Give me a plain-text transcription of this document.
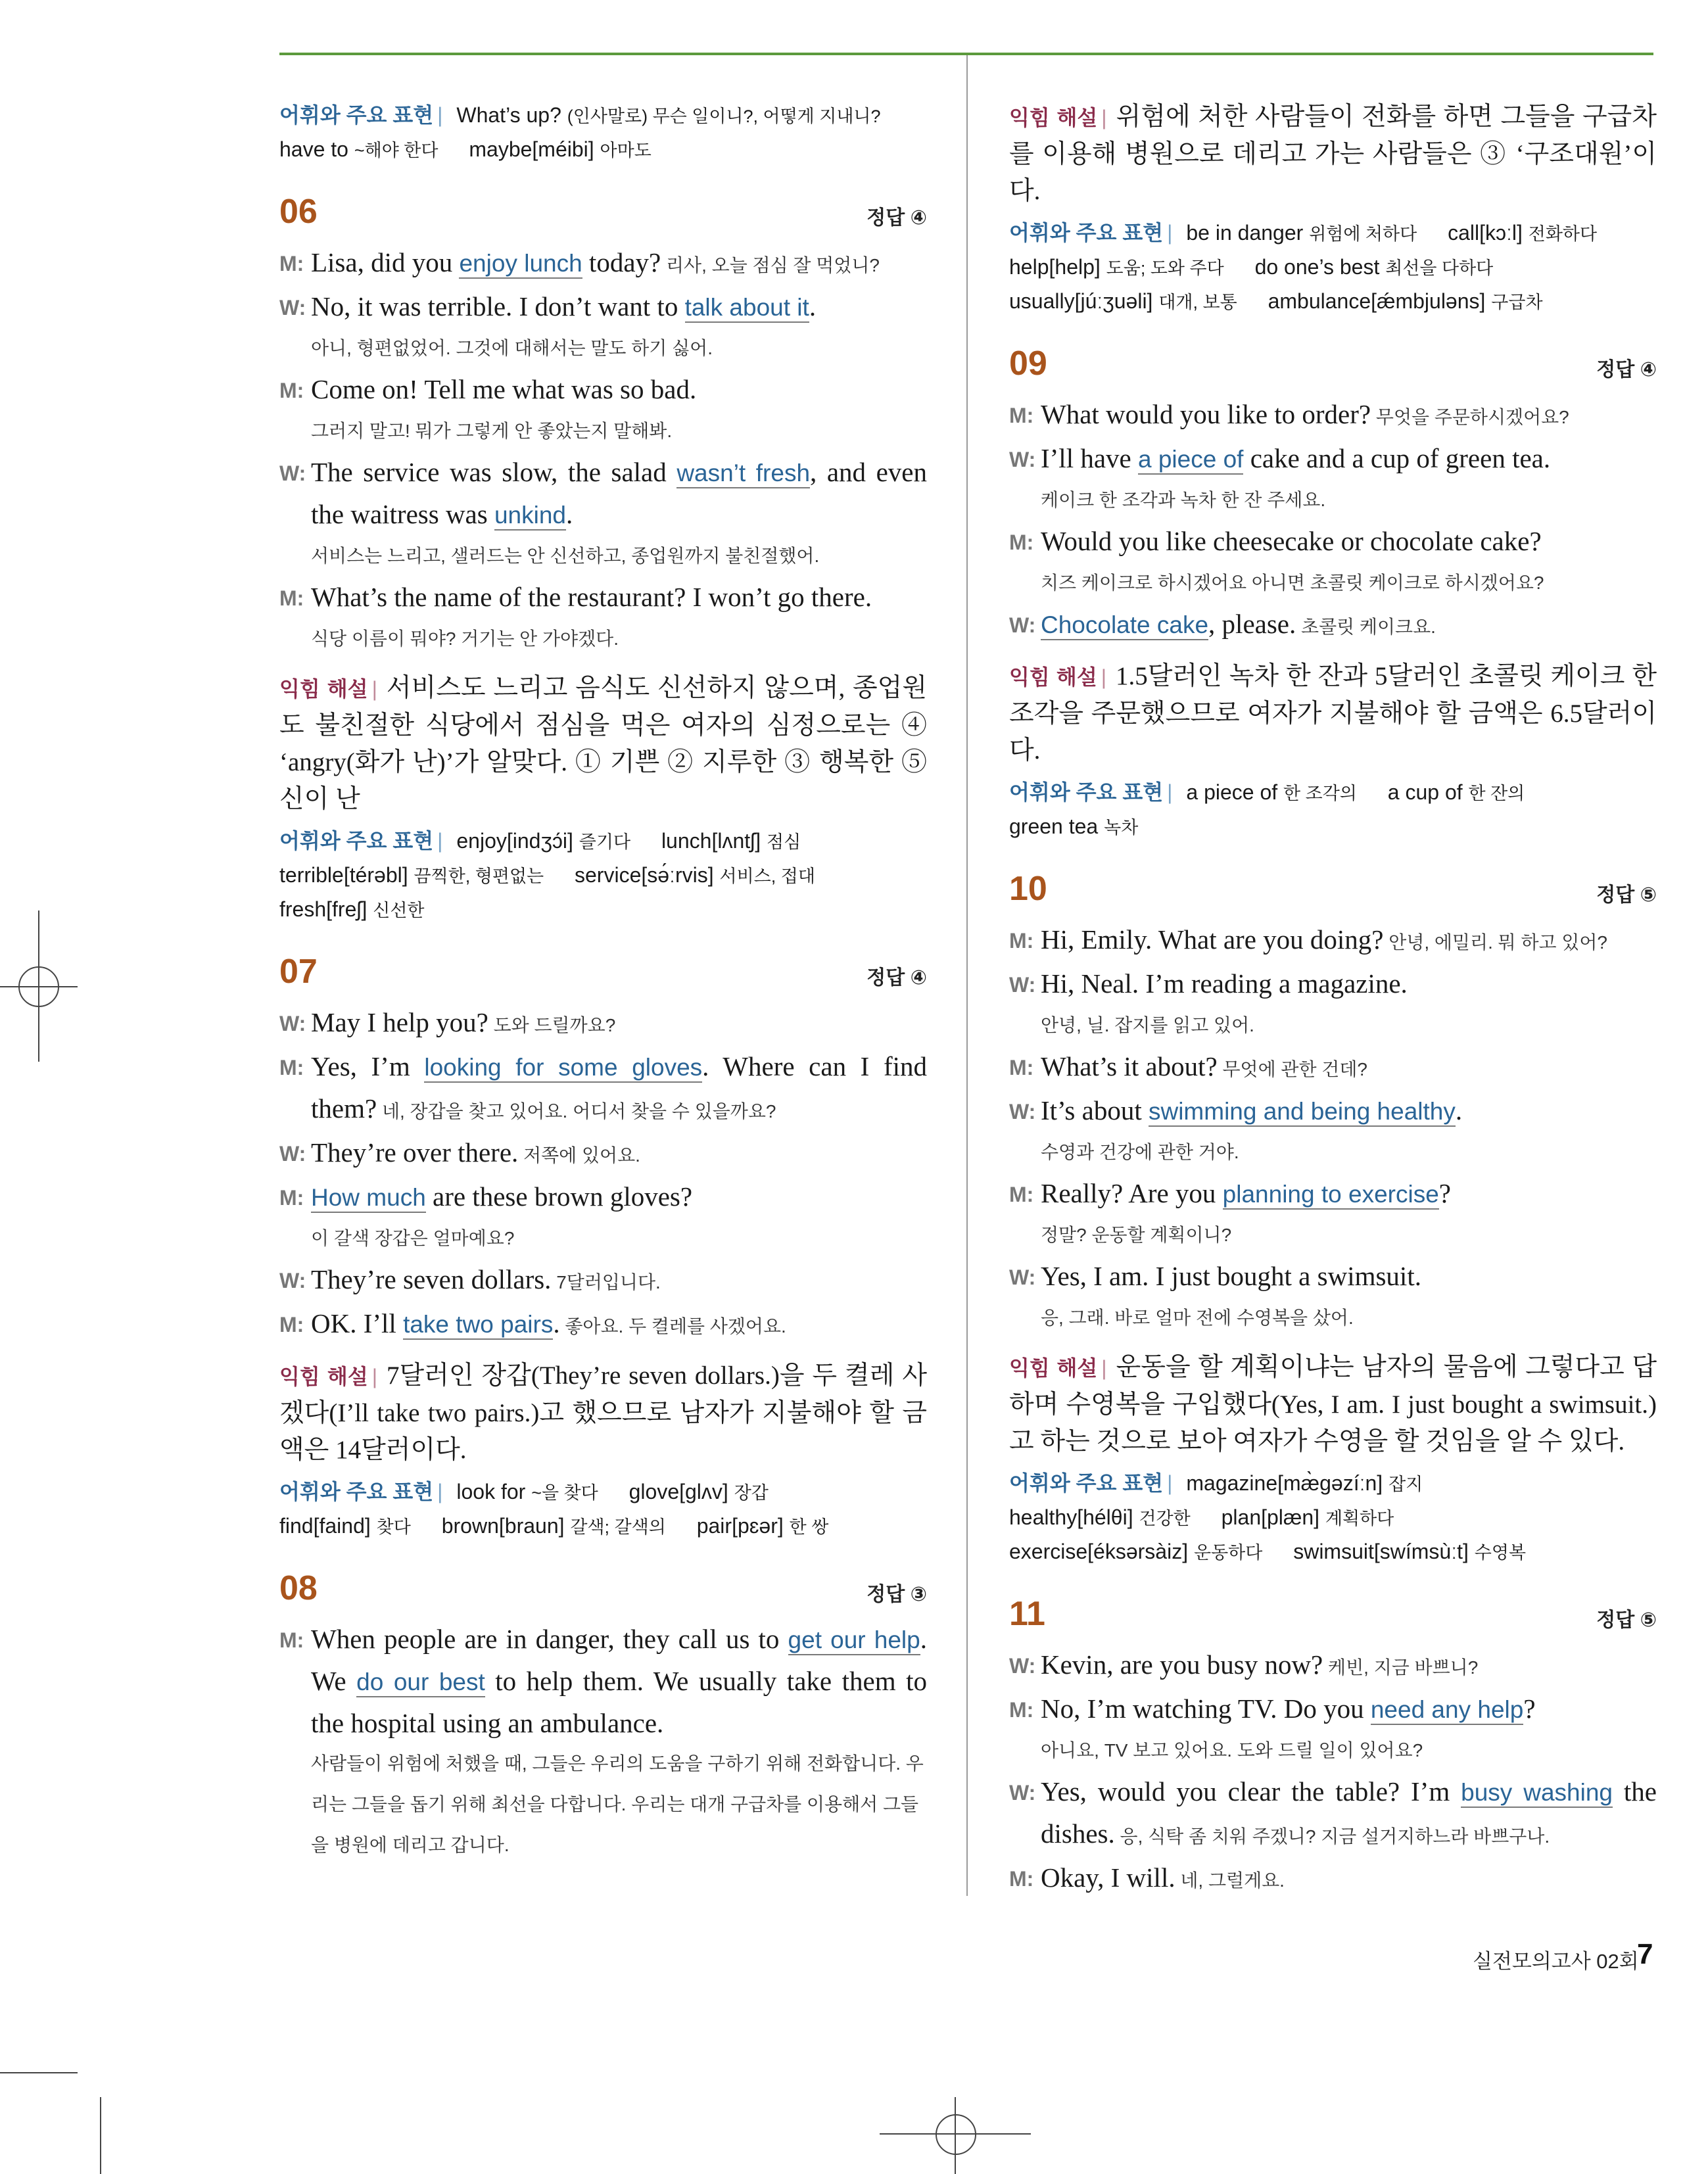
어휘와 주요 표현 | What’s up? (인사말로) 무슨 일이니?, 어떻게 지내니?
have to ~해야 한다 maybe[méibi] 아마도
06	정답 ④
M: Lisa, did you enjoy lunch today? 리사, 오늘 점심 잘 먹었니?
W: No, it was terrible. I don’t want to talk about it.
아니, 형편없었어. 그것에 대해서는 말도 하기 싫어.
M: Come on! Tell me what was so bad.
그러지 말고! 뭐가 그렇게 안 좋았는지 말해봐.
W: The service was slow, the salad wasn’t fresh, and even the waitress was unkind.
서비스는 느리고, 샐러드는 안 신선하고, 종업원까지 불친절했어.
M: What’s the name of the restaurant? I won’t go there.
식당 이름이 뭐야? 거기는 안 가야겠다.
익힘 해설 | 서비스도 느리고 음식도 신선하지 않으며, 종업원도 불친절한 식당에서 점심을 먹은 여자의 심정으로는 ④ ‘angry(화가 난)’가 알맞다. ① 기쁜 ② 지루한 ③ 행복한 ⑤ 신이 난
어휘와 주요 표현 | enjoy[indʒɔ́i] 즐기다 lunch[lʌntʃ] 점심
terrible[térəbl] 끔찍한, 형편없는 service[sə́ːrvis] 서비스, 접대
fresh[freʃ] 신선한
07	정답 ④
W: May I help you? 도와 드릴까요?
M: Yes, I’m looking for some gloves. Where can I find them? 네, 장갑을 찾고 있어요. 어디서 찾을 수 있을까요?
W: They’re over there. 저쪽에 있어요.
M: How much are these brown gloves?
이 갈색 장갑은 얼마예요?
W: They’re seven dollars. 7달러입니다.
M: OK. I’ll take two pairs. 좋아요. 두 켤레를 사겠어요.
익힘 해설 | 7달러인 장갑(They’re seven dollars.)을 두 켤레 사겠다(I’ll take two pairs.)고 했으므로 남자가 지불해야 할 금액은 14달러이다.
어휘와 주요 표현 | look for ~을 찾다 glove[glʌv] 장갑
find[faind] 찾다 brown[braun] 갈색; 갈색의 pair[pɛər] 한 쌍
08	정답 ③
M: When people are in danger, they call us to get our help. We do our best to help them. We usually take them to the hospital using an ambulance.
사람들이 위험에 처했을 때, 그들은 우리의 도움을 구하기 위해 전화합니다. 우리는 그들을 돕기 위해 최선을 다합니다. 우리는 대개 구급차를 이용해서 그들을 병원에 데리고 갑니다.
익힘 해설 | 위험에 처한 사람들이 전화를 하면 그들을 구급차를 이용해 병원으로 데리고 가는 사람들은 ③ ‘구조대원’이다.
어휘와 주요 표현 | be in danger 위험에 처하다 call[kɔːl] 전화하다
help[help] 도움; 도와 주다 do one’s best 최선을 다하다
usually[júːʒuəli] 대개, 보통 ambulance[ǽmbjuləns] 구급차
09	정답 ④
M: What would you like to order? 무엇을 주문하시겠어요?
W: I’ll have a piece of cake and a cup of green tea.
케이크 한 조각과 녹차 한 잔 주세요.
M: Would you like cheesecake or chocolate cake?
치즈 케이크로 하시겠어요 아니면 초콜릿 케이크로 하시겠어요?
W: Chocolate cake, please. 초콜릿 케이크요.
익힘 해설 | 1.5달러인 녹차 한 잔과 5달러인 초콜릿 케이크 한 조각을 주문했으므로 여자가 지불해야 할 금액은 6.5달러이다.
어휘와 주요 표현 | a piece of 한 조각의 a cup of 한 잔의
green tea 녹차
10	정답 ⑤
M: Hi, Emily. What are you doing? 안녕, 에밀리. 뭐 하고 있어?
W: Hi, Neal. I’m reading a magazine.
안녕, 닐. 잡지를 읽고 있어.
M: What’s it about? 무엇에 관한 건데?
W: It’s about swimming and being healthy.
수영과 건강에 관한 거야.
M: Really? Are you planning to exercise?
정말? 운동할 계획이니?
W: Yes, I am. I just bought a swimsuit.
응, 그래. 바로 얼마 전에 수영복을 샀어.
익힘 해설 | 운동을 할 계획이냐는 남자의 물음에 그렇다고 답하며 수영복을 구입했다(Yes, I am. I just bought a swimsuit.)고 하는 것으로 보아 여자가 수영을 할 것임을 알 수 있다.
어휘와 주요 표현 | magazine[mæ̀gəzíːn] 잡지
healthy[hélθi] 건강한 plan[plæn] 계획하다
exercise[éksərsàiz] 운동하다 swimsuit[swímsùːt] 수영복
11	정답 ⑤
W: Kevin, are you busy now? 케빈, 지금 바쁘니?
M: No, I’m watching TV. Do you need any help?
아니요, TV 보고 있어요. 도와 드릴 일이 있어요?
W: Yes, would you clear the table? I’m busy washing the dishes. 응, 식탁 좀 치워 주겠니? 지금 설거지하느라 바쁘구나.
M: Okay, I will. 네, 그럴게요.
실전모의고사 02회
7
